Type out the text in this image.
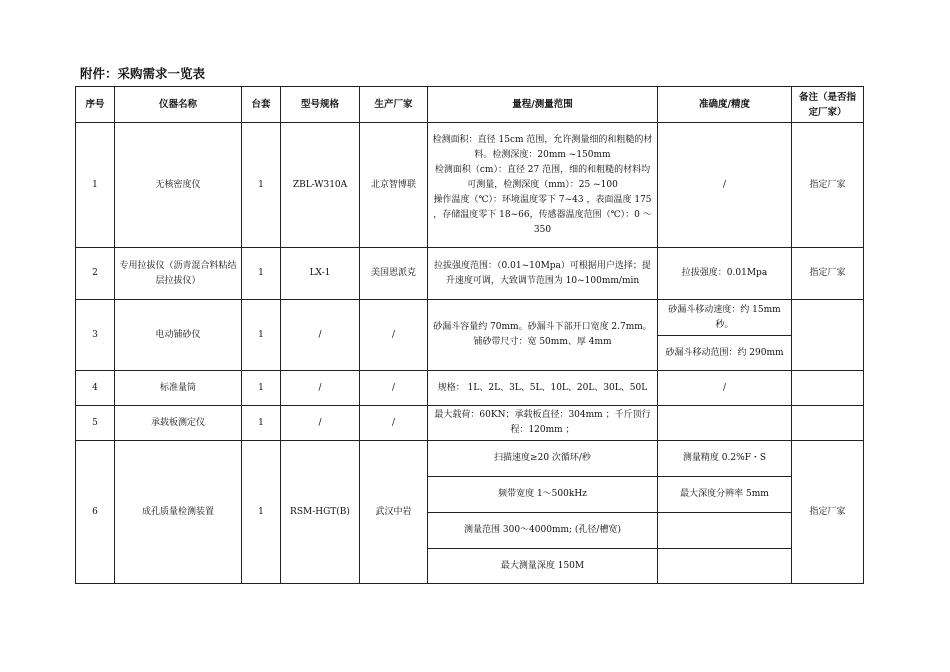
附件：采购需求一览表
序号	仪器名称	台套	型号规格	生产厂家	量程/测量范围	准确度/精度	备注（是否指定厂家）
1	无核密度仪	1	ZBL-W310A	北京智博联	检测面积：直径 15cm 范围，允许测量细的和粗糙的材料。检测深度：20mm ~150mm
检测面积（cm）：直径 27 范围，细的和粗糙的材料均可测量，检测深度（mm）：25 ~100
操作温度（℃）：环境温度零下 7~43 ，表面温度 175 ，存储温度零下 18~66，传感器温度范围（℃）：0 ～350	/	指定厂家
2	专用拉拔仪（沥青混合料粘结层拉拔仪）	1	LX-1	美国恩派克	拉拔强度范围：（0.01~10Mpa）可根据用户选择；提升速度可调，大致调节范围为 10~100mm/min	拉拔强度：0.01Mpa	指定厂家
3	电动铺砂仪	1	/	/	砂漏斗容量约 70mm。砂漏斗下部开口宽度 2.7mm。铺砂带尺寸：宽 50mm、厚 4mm	砂漏斗移动速度：约 15mm 秒。	
						砂漏斗移动范围：约 290mm	
4	标准量筒	1	/	/	规格： 1L、2L、3L、5L、10L、20L、30L、50L	/	
5	承载板测定仪	1	/	/	最大载荷：60KN；承载板直径：304mm ；千斤顶行程：120mm ；		
6	成孔质量检测装置	1	RSM-HGT(B)	武汉中岩	扫描速度≥20 次循环/秒	测量精度 0.2%F・S	指定厂家
					频带宽度 1～500kHz	最大深度分辨率 5mm	
					测量范围 300～4000mm; (孔径/槽宽)		
					最大测量深度 150M		
